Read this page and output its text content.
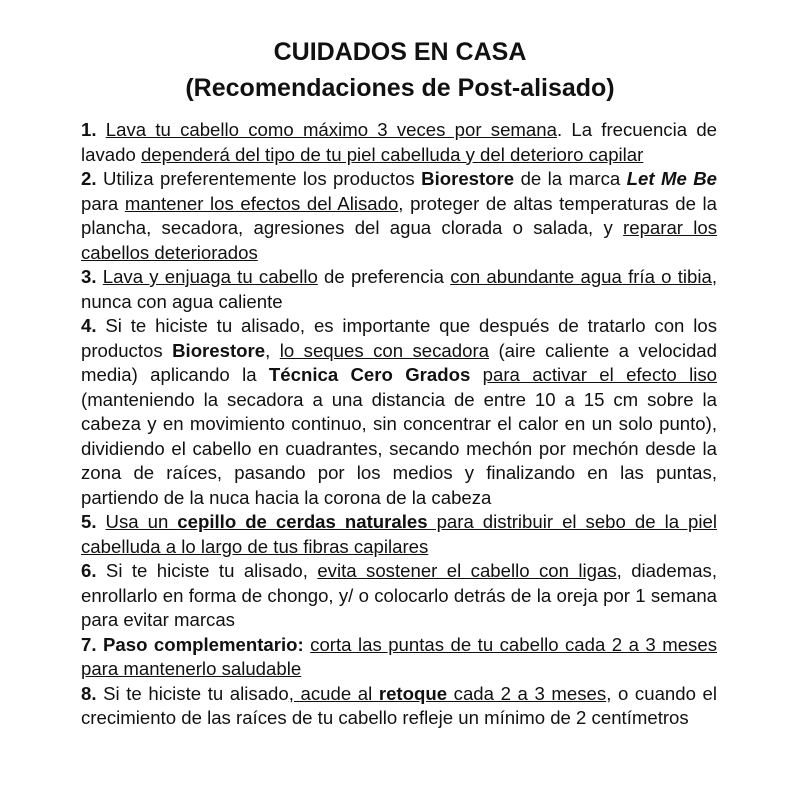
CUIDADOS EN CASA
(Recomendaciones de Post-alisado)

1. Lava tu cabello como máximo 3 veces por semana. La frecuencia de lavado dependerá del tipo de tu piel cabelluda y del deterioro capilar

2. Utiliza preferentemente los productos Biorestore de la marca Let Me Be para mantener los efectos del Alisado, proteger de altas temperaturas de la plancha, secadora, agresiones del agua clorada o salada, y reparar los cabellos deteriorados

3. Lava y enjuaga tu cabello de preferencia con abundante agua fría o tibia, nunca con agua caliente

4. Si te hiciste tu alisado, es importante que después de tratarlo con los productos Biorestore, lo seques con secadora (aire caliente a velocidad media) aplicando la Técnica Cero Grados para activar el efecto liso (manteniendo la secadora a una distancia de entre 10 a 15 cm sobre la cabeza y en movimiento continuo, sin concentrar el calor en un solo punto), dividiendo el cabello en cuadrantes, secando mechón por mechón desde la zona de raíces, pasando por los medios y finalizando en las puntas, partiendo de la nuca hacia la corona de la cabeza

5. Usa un cepillo de cerdas naturales para distribuir el sebo de la piel cabelluda a lo largo de tus fibras capilares

6. Si te hiciste tu alisado, evita sostener el cabello con ligas, diademas, enrollarlo en forma de chongo, y/ o colocarlo detrás de la oreja por 1 semana para evitar marcas

7. Paso complementario: corta las puntas de tu cabello cada 2 a 3 meses para mantenerlo saludable

8. Si te hiciste tu alisado, acude al retoque cada 2 a 3 meses, o cuando el crecimiento de las raíces de tu cabello refleje un mínimo de 2 centímetros
